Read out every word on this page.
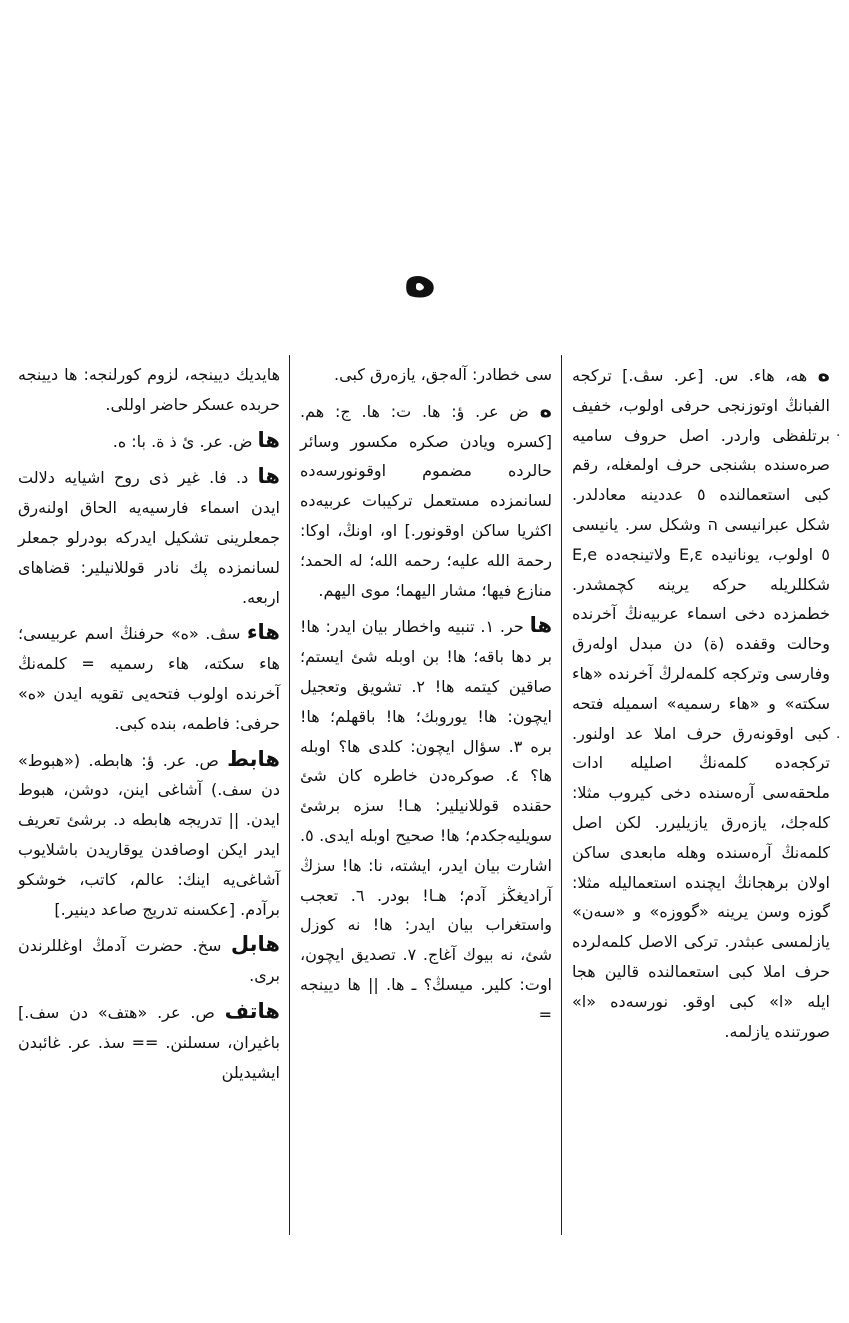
ه

هايديك ديينجه، لزوم كورلنجه: ها ديينجه حربده عسكر حاضر اوللى.

ها ض. عر. ئ ذ ة. با: ه.

ها د. فا. غير ذى روح اشيايه دلالت ايدن اسماء فارسيه‌يه الحاق اولنه‌رق جمعلرينى تشكيل ايدركه بودرلو جمعلر لسانمزده پك نادر قوللانيلير: قضاهاى اربعه.

هاء سڤ. «ه» حرفنڭ اسم عربيسى؛ هاء سكته، هاء رسميه = كلمه‌نڭ آخرنده اولوب فتحه‌يى تقويه ايدن «ه» حرفى: فاطمه، بنده كبى.

هابط ص. عر. ؤ: هابطه. («هبوط» دن سف.) آشاغى اينن، دوشن، هبوط ايدن. || تدريجه هابطه د. برشئ تعريف ايدر ايكن اوصافدن يوقاريدن باشلايوب آشاغى‌يه اينك: عالم، كاتب، خوشكو برآدم. [عكسنه تدريج صاعد دينير.]

هابل سخ. حضرت آدمڭ اوغللرندن برى.

هاتف ص. عر. «هتف» دن سف.] باغيران، سسلنن. == سذ. عر. غائبدن ايشيديلن

سى خطادر: آله‌جق، يازه‌رق كبى.

ه ض عر. ؤ: ها. ت: ها. ج: هم. [كسره ويادن صكره مكسور وسائر حالرده مضموم اوقونور‌سه‌ده لسانمزده مستعمل تركيبات عربيه‌ده اكثريا ساكن اوقونور.] او، اونڭ، اوكا: رحمة الله عليه؛ رحمه الله؛ له الحمد؛ منازع فيها؛ مشار اليهما؛ موى اليهم.

ها حر. ١. تنبيه واخطار بيان ايدر: ها! بر دها باقه؛ ها! بن اوبله شئ ايستم؛ صاقين كيتمه ها! ٢. تشويق وتعجيل ايچون: ها! يوروبك؛ ها! باقهلم؛ ها! بره ٣. سؤال ايچون: كلدى ها؟ اوبله ها؟ ٤. صوكره‌دن خاطره كان شئ حقنده قوللانيلير: هـا! سزه برشئ سويليه‌جكدم؛ ها! صحيح اوبله ايدى. ٥. اشارت بيان ايدر، ايشته، نا: ها! سزڭ آراديغڭز آدم؛ هـا! بودر. ٦. تعجب واستغراب بيان ايدر: ها! نه كوزل شئ، نه بيوك آغاج. ٧. تصديق ايچون، اوت: كلير. ميسڭ؟ ـ ها. || ها ديينجه =

ه هه، هاء. س. [عر. سڤ.] تركجه الفبانڭ اوتوزنجى حرفى اولوب، خفيف برتلفظى واردر. اصل حروف ساميه صره‌سنده بشنجى حرف اولمغله، رقم كبى استعمالنده ٥ عددينه معادلدر. شكل عبرانيسى ה وشكل سر. يانيسى ٥ اولوب، يونانيده E,ε ولاتينجه‌ده E,e شكللريله حركه يرينه كچمشدر. خطمزده دخى اسماء عربيه‌نڭ آخرنده وحالت وقفده (ة) دن مبدل اوله‌رق وفارسى وتركجه كلمه‌لرڭ آخرنده «هاء سكته» و «هاء رسميه» اسميله فتحه كبى اوقونه‌رق حرف املا عد اولنور. تركجه‌ده كلمه‌نڭ اصليله ادات ملحقه‌سى آره‌سنده دخى كيروب مثلا: كله‌جك، يازه‌رق يازيليرر. لكن اصل كلمه‌نڭ آره‌سنده وهله مابعدى ساكن اولان برهجانڭ ايچنده استعماليله مثلا: گوزه وسن يرينه «گووزه» و «سه‌ن» يازلمسى عبثدر. تركى الاصل كلمه‌لرده حرف املا كبى استعمالنده قالين هجا ايله «ا» كبى اوقو. نورسه‌ده «ا» صورتنده يازلمه.

·
·
